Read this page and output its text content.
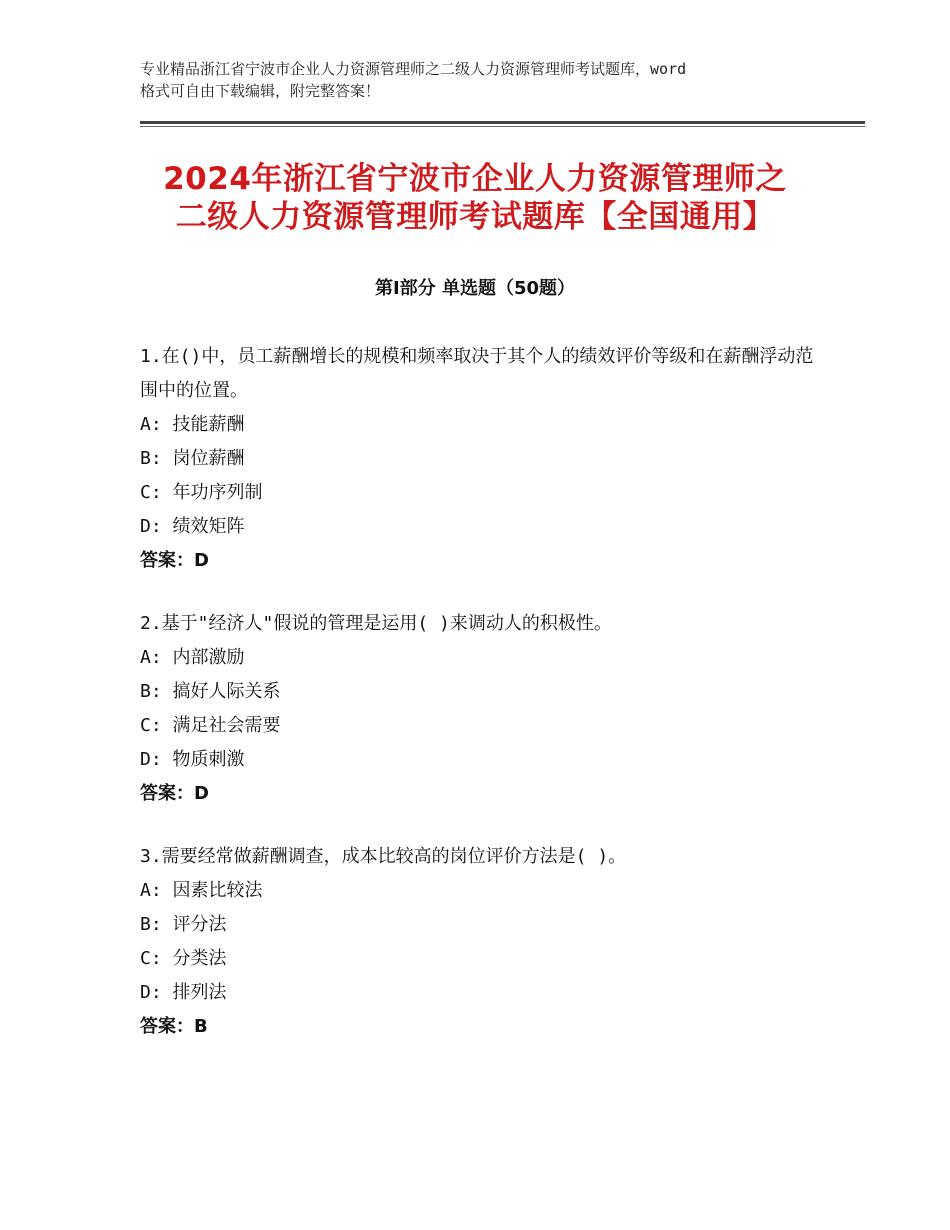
专业精品浙江省宁波市企业人力资源管理师之二级人力资源管理师考试题库，word
格式可自由下载编辑，附完整答案！
2024年浙江省宁波市企业人力资源管理师之
二级人力资源管理师考试题库【全国通用】
第Ⅰ部分 单选题（50题）
1.在()中，员工薪酬增长的规模和频率取决于其个人的绩效评价等级和在薪酬浮动范围中的位置。
A: 技能薪酬
B: 岗位薪酬
C: 年功序列制
D: 绩效矩阵
答案：D
2.基于"经济人"假说的管理是运用( )来调动人的积极性。
A: 内部激励
B: 搞好人际关系
C: 满足社会需要
D: 物质刺激
答案：D
3.需要经常做薪酬调查，成本比较高的岗位评价方法是( )。
A: 因素比较法
B: 评分法
C: 分类法
D: 排列法
答案：B
